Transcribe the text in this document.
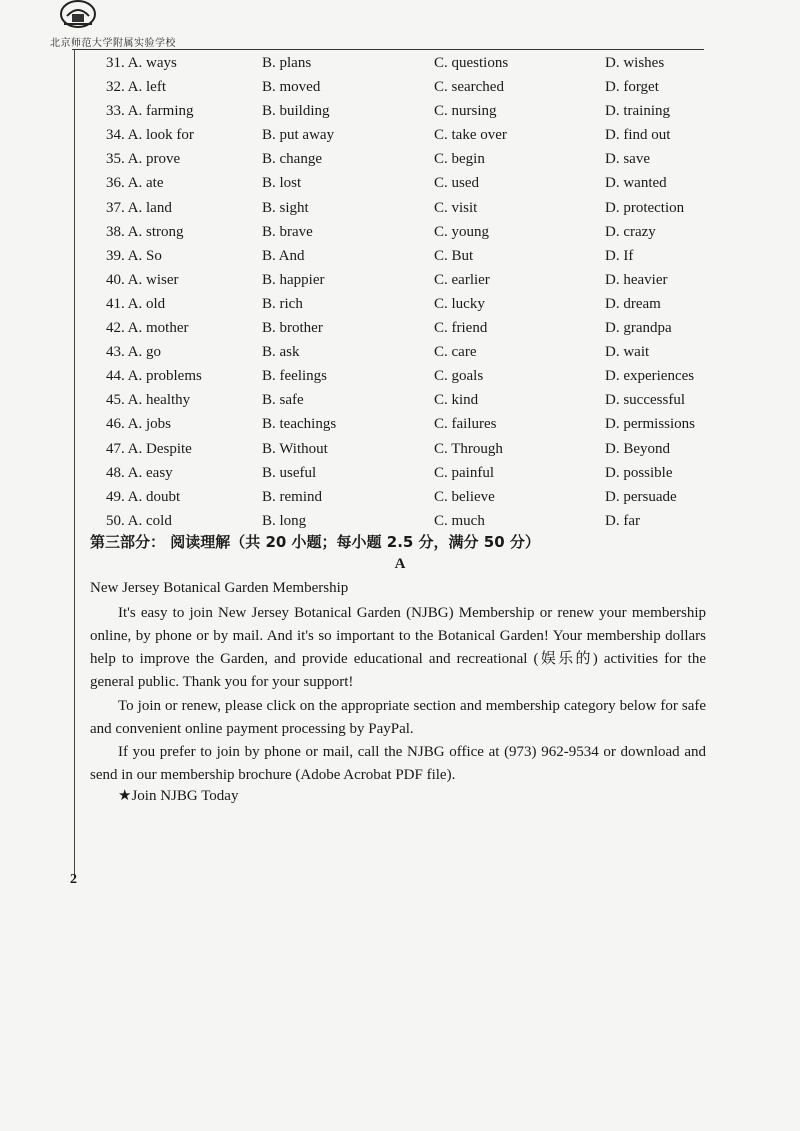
北京师范大学附属实验学校
31. A. ways	B. plans	C. questions	D. wishes
32. A. left	B. moved	C. searched	D. forget
33. A. farming	B. building	C. nursing	D. training
34. A. look for	B. put away	C. take over	D. find out
35. A. prove	B. change	C. begin	D. save
36. A. ate	B. lost	C. used	D. wanted
37. A. land	B. sight	C. visit	D. protection
38. A. strong	B. brave	C. young	D. crazy
39. A. So	B. And	C. But	D. If
40. A. wiser	B. happier	C. earlier	D. heavier
41. A. old	B. rich	C. lucky	D. dream
42. A. mother	B. brother	C. friend	D. grandpa
43. A. go	B. ask	C. care	D. wait
44. A. problems	B. feelings	C. goals	D. experiences
45. A. healthy	B. safe	C. kind	D. successful
46. A. jobs	B. teachings	C. failures	D. permissions
47. A. Despite	B. Without	C. Through	D. Beyond
48. A. easy	B. useful	C. painful	D. possible
49. A. doubt	B. remind	C. believe	D. persuade
50. A. cold	B. long	C. much	D. far
第三部分： 阅读理解（共 20 小题；每小题 2.5 分，满分 50 分）
A
New Jersey Botanical Garden Membership
It's easy to join New Jersey Botanical Garden (NJBG) Membership or renew your membership online, by phone or by mail. And it's so important to the Botanical Garden! Your membership dollars help to improve the Garden, and provide educational and recreational (娱乐的) activities for the general public. Thank you for your support!
To join or renew, please click on the appropriate section and membership category below for safe and convenient online payment processing by PayPal.
If you prefer to join by phone or mail, call the NJBG office at (973) 962-9534 or download and send in our membership brochure (Adobe Acrobat PDF file).
★Join NJBG Today
2
